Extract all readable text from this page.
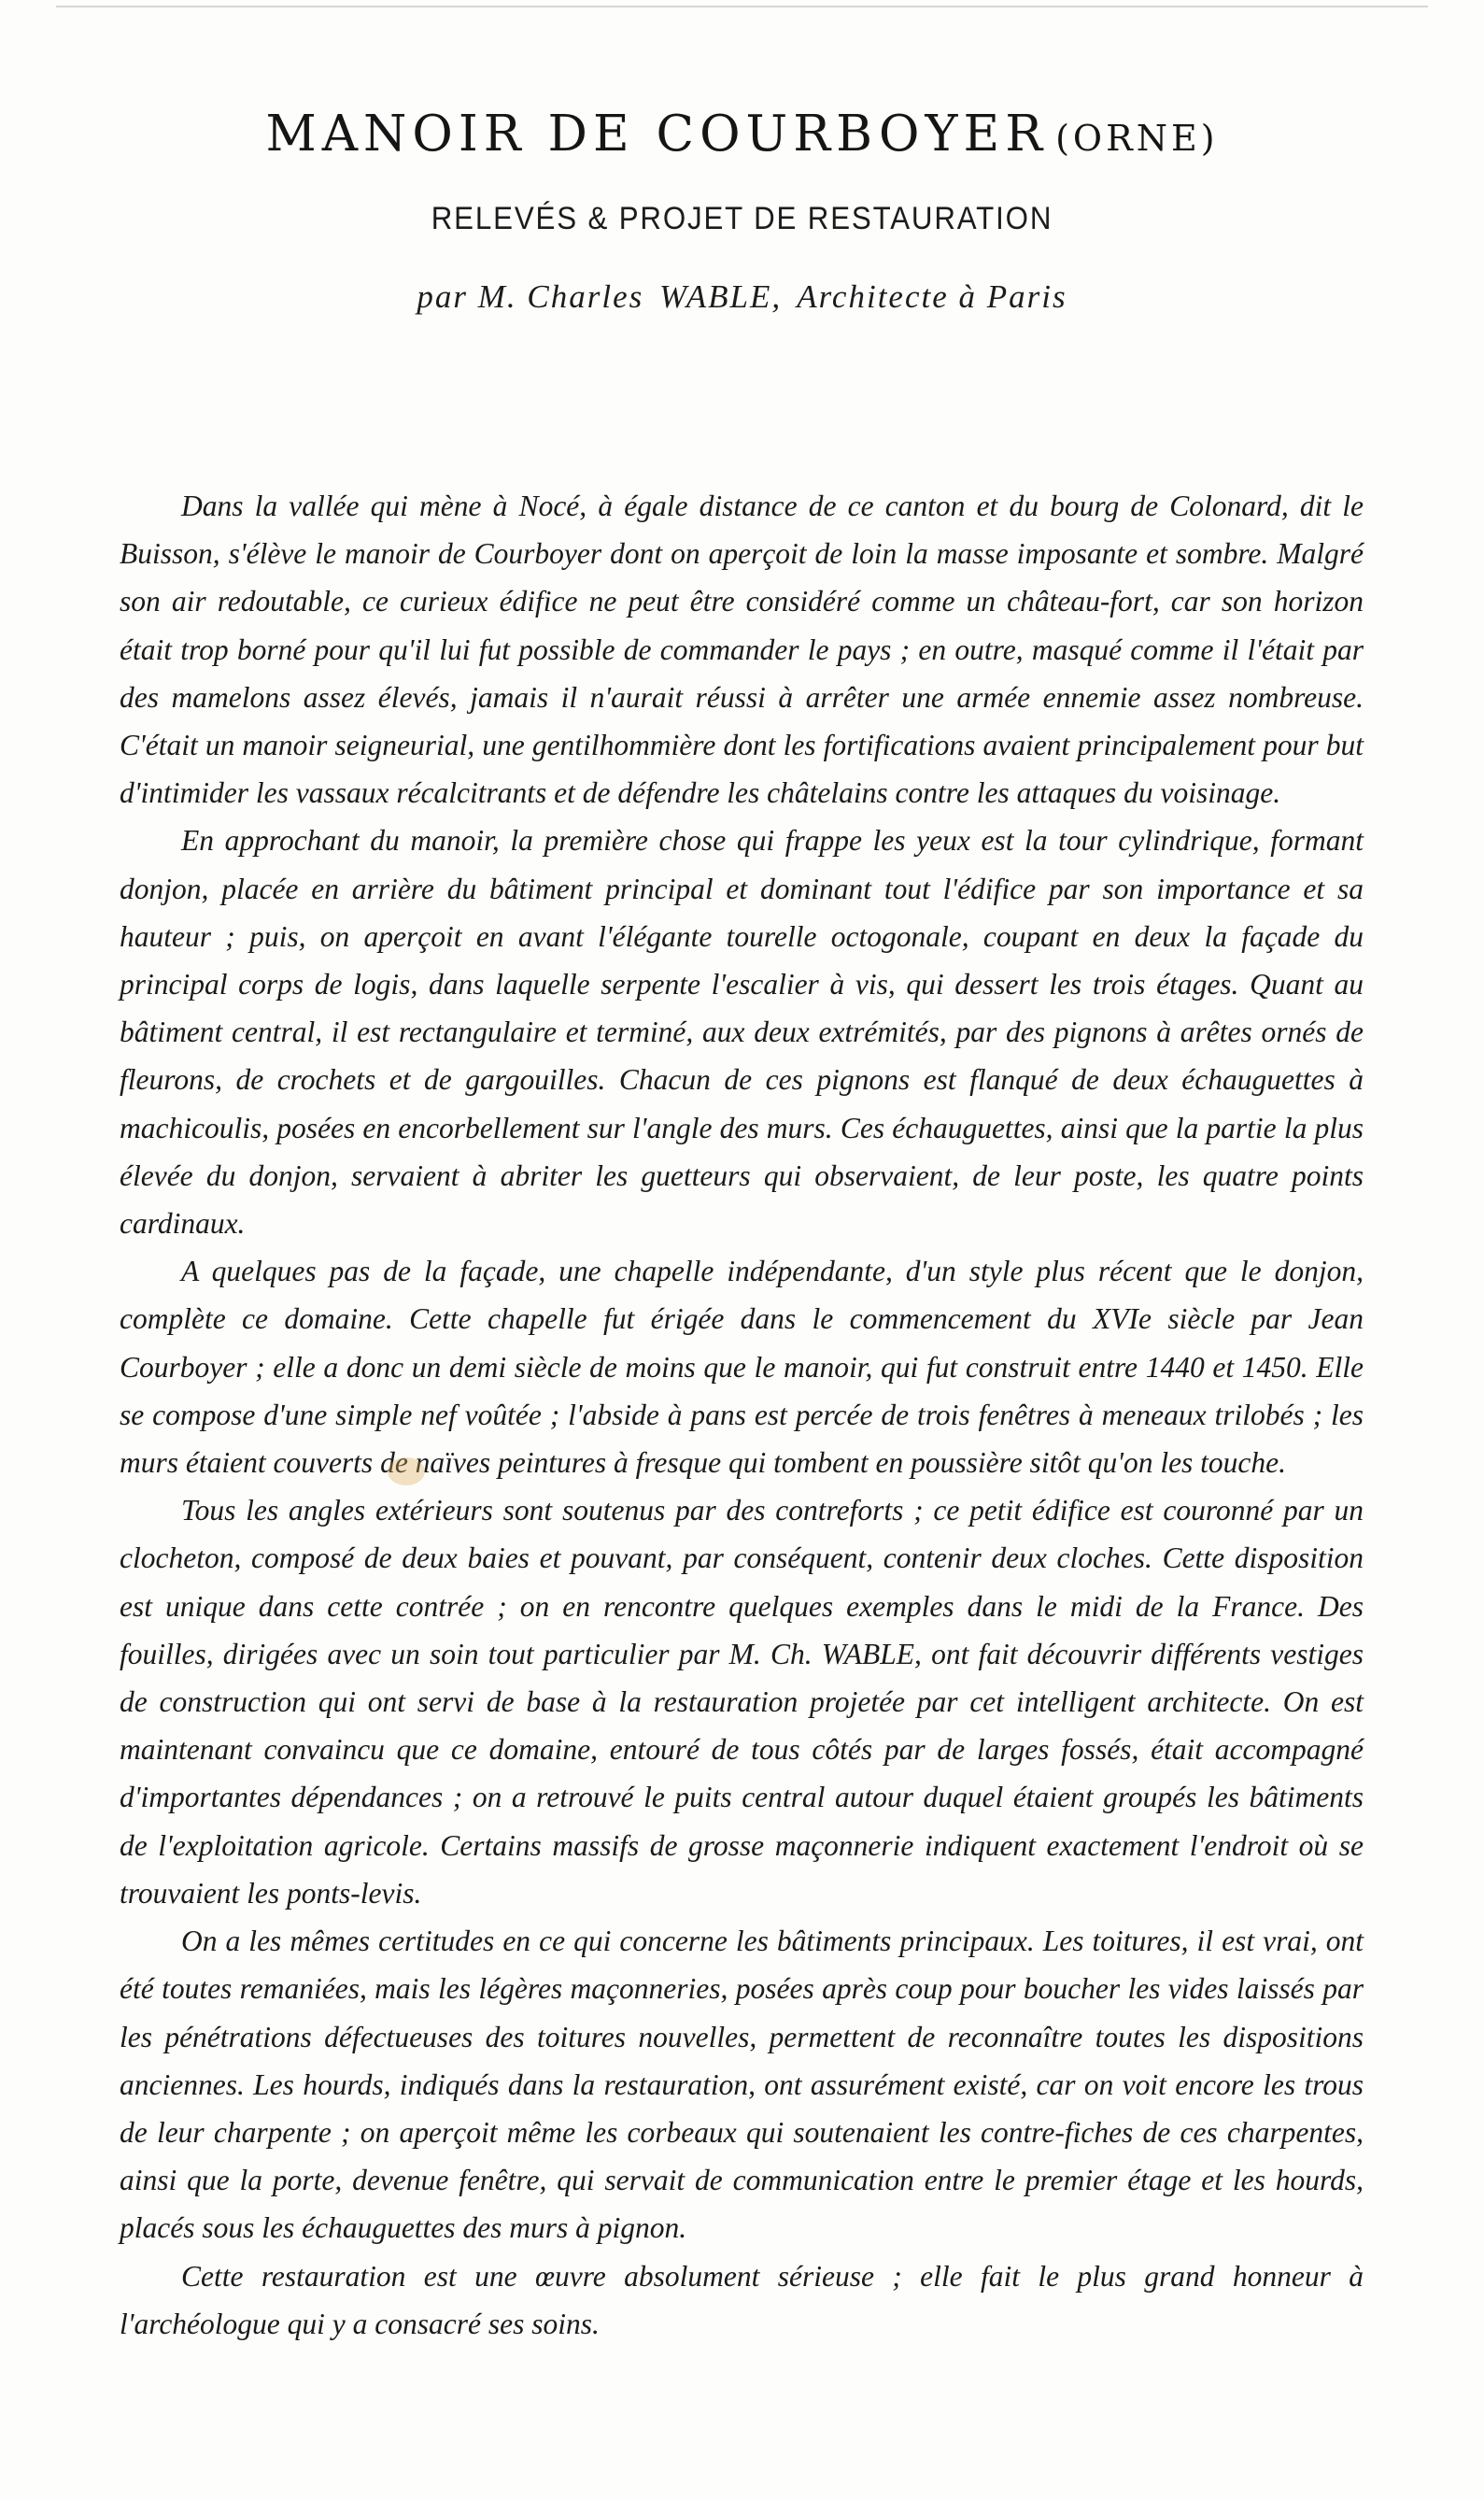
MANOIR DE COURBOYER (ORNE)
RELEVÉS & PROJET DE RESTAURATION
par M. Charles WABLE, Architecte à Paris

Dans la vallée qui mène à Nocé, à égale distance de ce canton et du bourg de Colonard, dit le Buisson, s'élève le manoir de Courboyer dont on aperçoit de loin la masse imposante et sombre. Malgré son air redoutable, ce curieux édifice ne peut être considéré comme un château-fort, car son horizon était trop borné pour qu'il lui fut possible de commander le pays ; en outre, masqué comme il l'était par des mamelons assez élevés, jamais il n'aurait réussi à arrêter une armée ennemie assez nombreuse. C'était un manoir seigneurial, une gentilhommière dont les fortifications avaient principalement pour but d'intimider les vassaux récalcitrants et de défendre les châtelains contre les attaques du voisinage.

En approchant du manoir, la première chose qui frappe les yeux est la tour cylindrique, formant donjon, placée en arrière du bâtiment principal et dominant tout l'édifice par son importance et sa hauteur ; puis, on aperçoit en avant l'élégante tourelle octogonale, coupant en deux la façade du principal corps de logis, dans laquelle serpente l'escalier à vis, qui dessert les trois étages. Quant au bâtiment central, il est rectangulaire et terminé, aux deux extrémités, par des pignons à arêtes ornés de fleurons, de crochets et de gargouilles. Chacun de ces pignons est flanqué de deux échauguettes à machicoulis, posées en encorbellement sur l'angle des murs. Ces échauguettes, ainsi que la partie la plus élevée du donjon, servaient à abriter les guetteurs qui observaient, de leur poste, les quatre points cardinaux.

A quelques pas de la façade, une chapelle indépendante, d'un style plus récent que le donjon, complète ce domaine. Cette chapelle fut érigée dans le commencement du XVIe siècle par Jean Courboyer ; elle a donc un demi siècle de moins que le manoir, qui fut construit entre 1440 et 1450. Elle se compose d'une simple nef voûtée ; l'abside à pans est percée de trois fenêtres à meneaux trilobés ; les murs étaient couverts de naïves peintures à fresque qui tombent en poussière sitôt qu'on les touche.

Tous les angles extérieurs sont soutenus par des contreforts ; ce petit édifice est couronné par un clocheton, composé de deux baies et pouvant, par conséquent, contenir deux cloches. Cette disposition est unique dans cette contrée ; on en rencontre quelques exemples dans le midi de la France. Des fouilles, dirigées avec un soin tout particulier par M. Ch. WABLE, ont fait découvrir différents vestiges de construction qui ont servi de base à la restauration projetée par cet intelligent architecte. On est maintenant convaincu que ce domaine, entouré de tous côtés par de larges fossés, était accompagné d'importantes dépendances ; on a retrouvé le puits central autour duquel étaient groupés les bâtiments de l'exploitation agricole. Certains massifs de grosse maçonnerie indiquent exactement l'endroit où se trouvaient les ponts-levis.

On a les mêmes certitudes en ce qui concerne les bâtiments principaux. Les toitures, il est vrai, ont été toutes remaniées, mais les légères maçonneries, posées après coup pour boucher les vides laissés par les pénétrations défectueuses des toitures nouvelles, permettent de reconnaître toutes les dispositions anciennes. Les hourds, indiqués dans la restauration, ont assurément existé, car on voit encore les trous de leur charpente ; on aperçoit même les corbeaux qui soutenaient les contre-fiches de ces charpentes, ainsi que la porte, devenue fenêtre, qui servait de communication entre le premier étage et les hourds, placés sous les échauguettes des murs à pignon.

Cette restauration est une œuvre absolument sérieuse ; elle fait le plus grand honneur à l'archéologue qui y a consacré ses soins.
